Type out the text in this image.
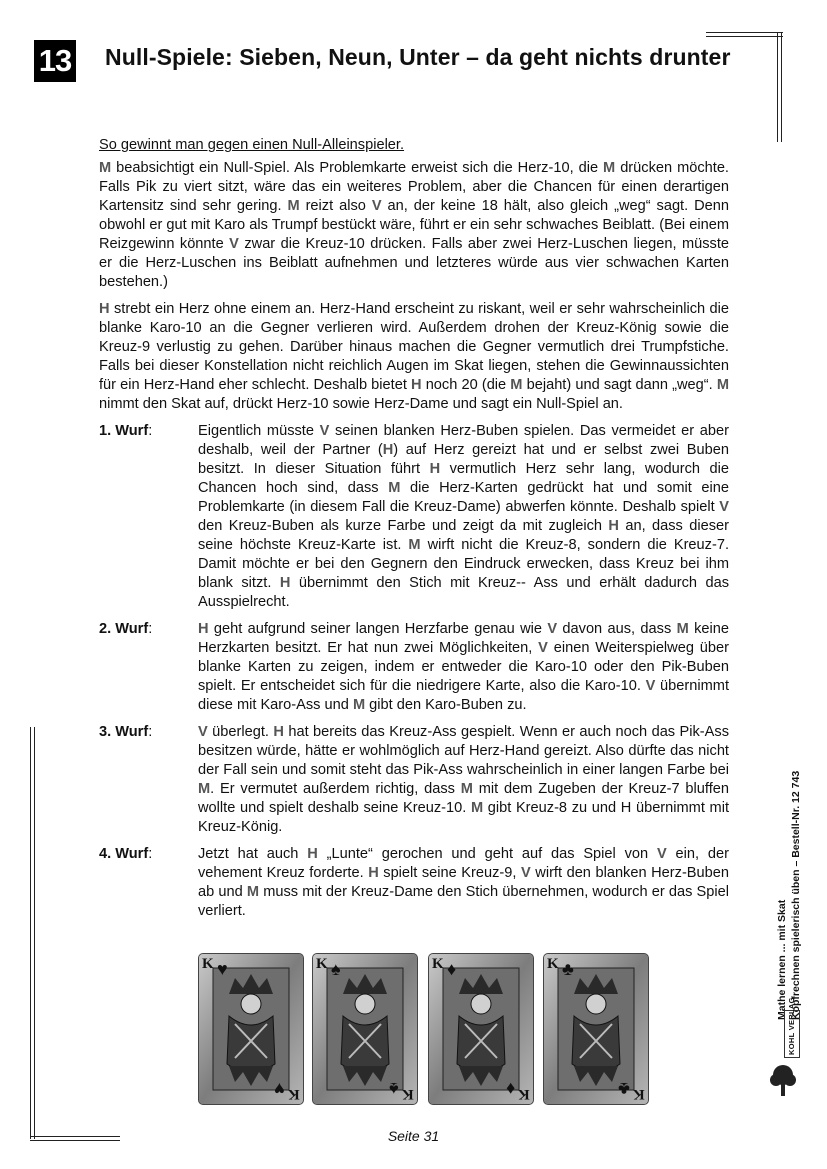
13 Null-Spiele: Sieben, Neun, Unter – da geht nichts drunter

So gewinnt man gegen einen Null-Alleinspieler.

M beabsichtigt ein Null-Spiel. Als Problemkarte erweist sich die Herz-10, die M drücken möchte. Falls Pik zu viert sitzt, wäre das ein weiteres Problem, aber die Chancen für einen derartigen Kartensitz sind sehr gering. M reizt also V an, der keine 18 hält, also gleich „weg“ sagt. Denn obwohl er gut mit Karo als Trumpf bestückt wäre, führt er ein sehr schwaches Beiblatt. (Bei einem Reizgewinn könnte V zwar die Kreuz-10 drücken. Falls aber zwei Herz-Luschen liegen, müsste er die Herz-Luschen ins Beiblatt aufnehmen und letzteres würde aus vier schwachen Karten bestehen.)

H strebt ein Herz ohne einem an. Herz-Hand erscheint zu riskant, weil er sehr wahrscheinlich die blanke Karo-10 an die Gegner verlieren wird. Außerdem drohen der Kreuz-König sowie die Kreuz-9 verlustig zu gehen. Darüber hinaus machen die Gegner vermutlich drei Trumpfstiche. Falls bei dieser Konstellation nicht reichlich Augen im Skat liegen, stehen die Gewinnaussichten für ein Herz-Hand eher schlecht. Deshalb bietet H noch 20 (die M bejaht) und sagt dann „weg“. M nimmt den Skat auf, drückt Herz-10 sowie Herz-Dame und sagt ein Null-Spiel an.

1. Wurf:	Eigentlich müsste V seinen blanken Herz-Buben spielen. Das vermeidet er aber deshalb, weil der Partner (H) auf Herz gereizt hat und er selbst zwei Buben besitzt. In dieser Situation führt H vermutlich Herz sehr lang, wodurch die Chancen hoch sind, dass M die Herz-Karten gedrückt hat und somit eine Problemkarte (in diesem Fall die Kreuz-Dame) abwerfen könnte. Deshalb spielt V den Kreuz-Buben als kurze Farbe und zeigt da mit zugleich H an, dass dieser seine höchste Kreuz-Karte ist. M wirft nicht die Kreuz-8, sondern die Kreuz-7. Damit möchte er bei den Gegnern den Eindruck erwecken, dass Kreuz bei ihm blank sitzt. H übernimmt den Stich mit Kreuz-- Ass und erhält dadurch das Ausspielrecht.
2. Wurf:	H geht aufgrund seiner langen Herzfarbe genau wie V davon aus, dass M keine Herzkarten besitzt. Er hat nun zwei Möglichkeiten, V einen Weiterspielweg über blanke Karten zu zeigen, indem er entweder die Karo-10 oder den Pik-Buben spielt. Er entscheidet sich für die niedrigere Karte, also die Karo-10. V übernimmt diese mit Karo-Ass und M gibt den Karo-Buben zu.
3. Wurf:	V überlegt. H hat bereits das Kreuz-Ass gespielt. Wenn er auch noch das Pik-Ass besitzen würde, hätte er wohlmöglich auf Herz-Hand gereizt. Also dürfte das nicht der Fall sein und somit steht das Pik-Ass wahrscheinlich in einer langen Farbe bei M. Er vermutet außerdem richtig, dass M mit dem Zugeben der Kreuz-7 bluffen wollte und spielt deshalb seine Kreuz-10. M gibt Kreuz-8 zu und H übernimmt mit Kreuz-König.
4. Wurf:	Jetzt hat auch H „Lunte“ gerochen und geht auf das Spiel von V ein, der vehement Kreuz forderte. H spielt seine Kreuz-9, V wirft den blanken Herz-Buben ab und M muss mit der Kreuz-Dame den Stich übernehmen, wodurch er das Spiel verliert.
K ♥
K
♥
K ♠
K
♠
K ♦
K
♦
K ♣
K
♣
Mathe lernen ... mit Skat Kopfrechnen spielerisch üben – Bestell-Nr. 12 743
KOHL VERLAG
Seite 31
